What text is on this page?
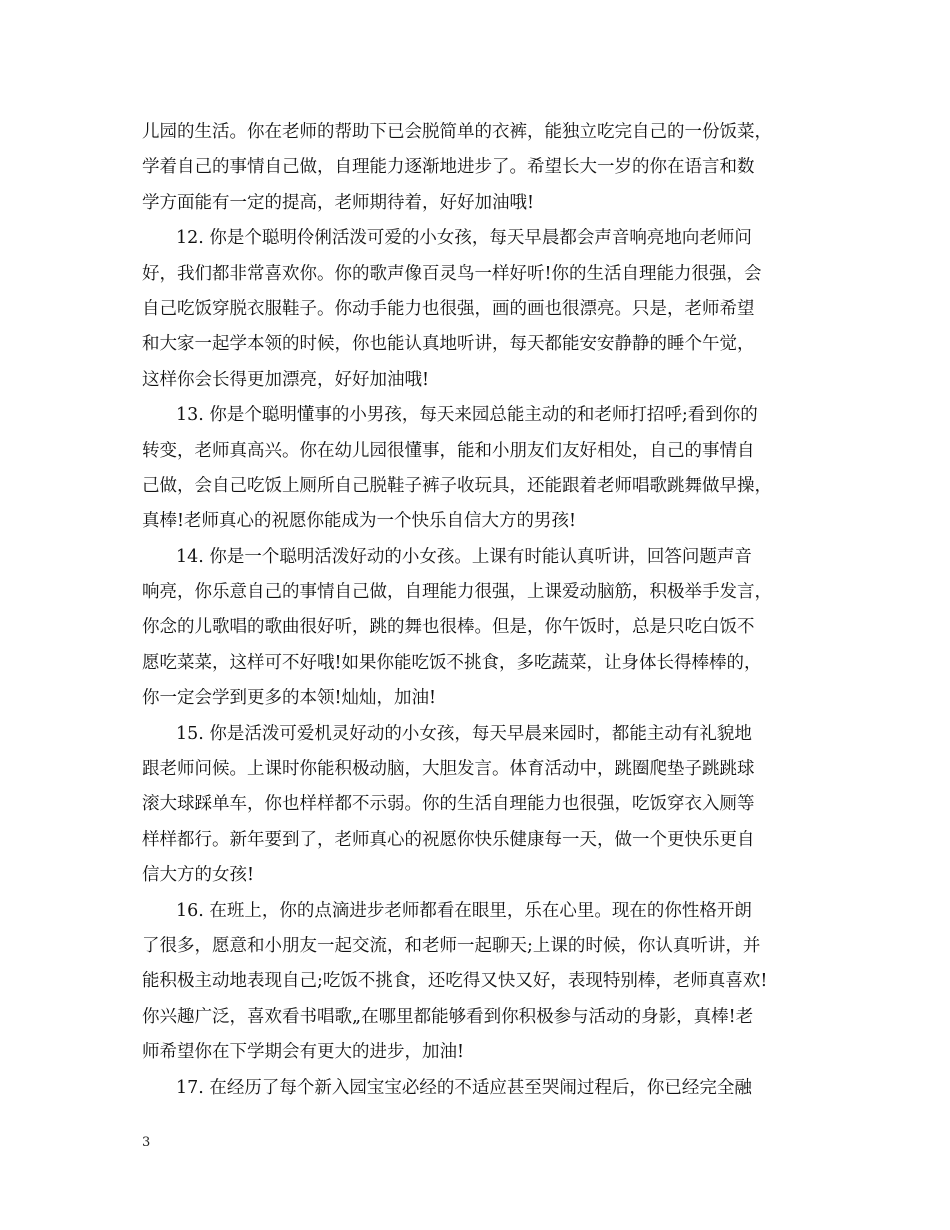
儿园的生活。你在老师的帮助下已会脱简单的衣裤，能独立吃完自己的一份饭菜，
学着自己的事情自己做，自理能力逐渐地进步了。希望长大一岁的你在语言和数
学方面能有一定的提高，老师期待着，好好加油哦!
12. 你是个聪明伶俐活泼可爱的小女孩，每天早晨都会声音响亮地向老师问
好，我们都非常喜欢你。你的歌声像百灵鸟一样好听!你的生活自理能力很强，会
自己吃饭穿脱衣服鞋子。你动手能力也很强，画的画也很漂亮。只是，老师希望
和大家一起学本领的时候，你也能认真地听讲，每天都能安安静静的睡个午觉，
这样你会长得更加漂亮，好好加油哦!
13. 你是个聪明懂事的小男孩，每天来园总能主动的和老师打招呼;看到你的
转变，老师真高兴。你在幼儿园很懂事，能和小朋友们友好相处，自己的事情自
己做，会自己吃饭上厕所自己脱鞋子裤子收玩具，还能跟着老师唱歌跳舞做早操，
真棒!老师真心的祝愿你能成为一个快乐自信大方的男孩!
14. 你是一个聪明活泼好动的小女孩。上课有时能认真听讲，回答问题声音
响亮，你乐意自己的事情自己做，自理能力很强，上课爱动脑筋，积极举手发言，
你念的儿歌唱的歌曲很好听，跳的舞也很棒。但是，你午饭时，总是只吃白饭不
愿吃菜菜，这样可不好哦!如果你能吃饭不挑食，多吃蔬菜，让身体长得棒棒的，
你一定会学到更多的本领!灿灿，加油!
15. 你是活泼可爱机灵好动的小女孩，每天早晨来园时，都能主动有礼貌地
跟老师问候。上课时你能积极动脑，大胆发言。体育活动中，跳圈爬垫子跳跳球
滚大球踩单车，你也样样都不示弱。你的生活自理能力也很强，吃饭穿衣入厕等
样样都行。新年要到了，老师真心的祝愿你快乐健康每一天，做一个更快乐更自
信大方的女孩!
16. 在班上，你的点滴进步老师都看在眼里，乐在心里。现在的你性格开朗
了很多，愿意和小朋友一起交流，和老师一起聊天;上课的时候，你认真听讲，并
能积极主动地表现自己;吃饭不挑食，还吃得又快又好，表现特别棒，老师真喜欢!
你兴趣广泛，喜欢看书唱歌„在哪里都能够看到你积极参与活动的身影，真棒!老
师希望你在下学期会有更大的进步，加油!
17. 在经历了每个新入园宝宝必经的不适应甚至哭闹过程后，你已经完全融
3
